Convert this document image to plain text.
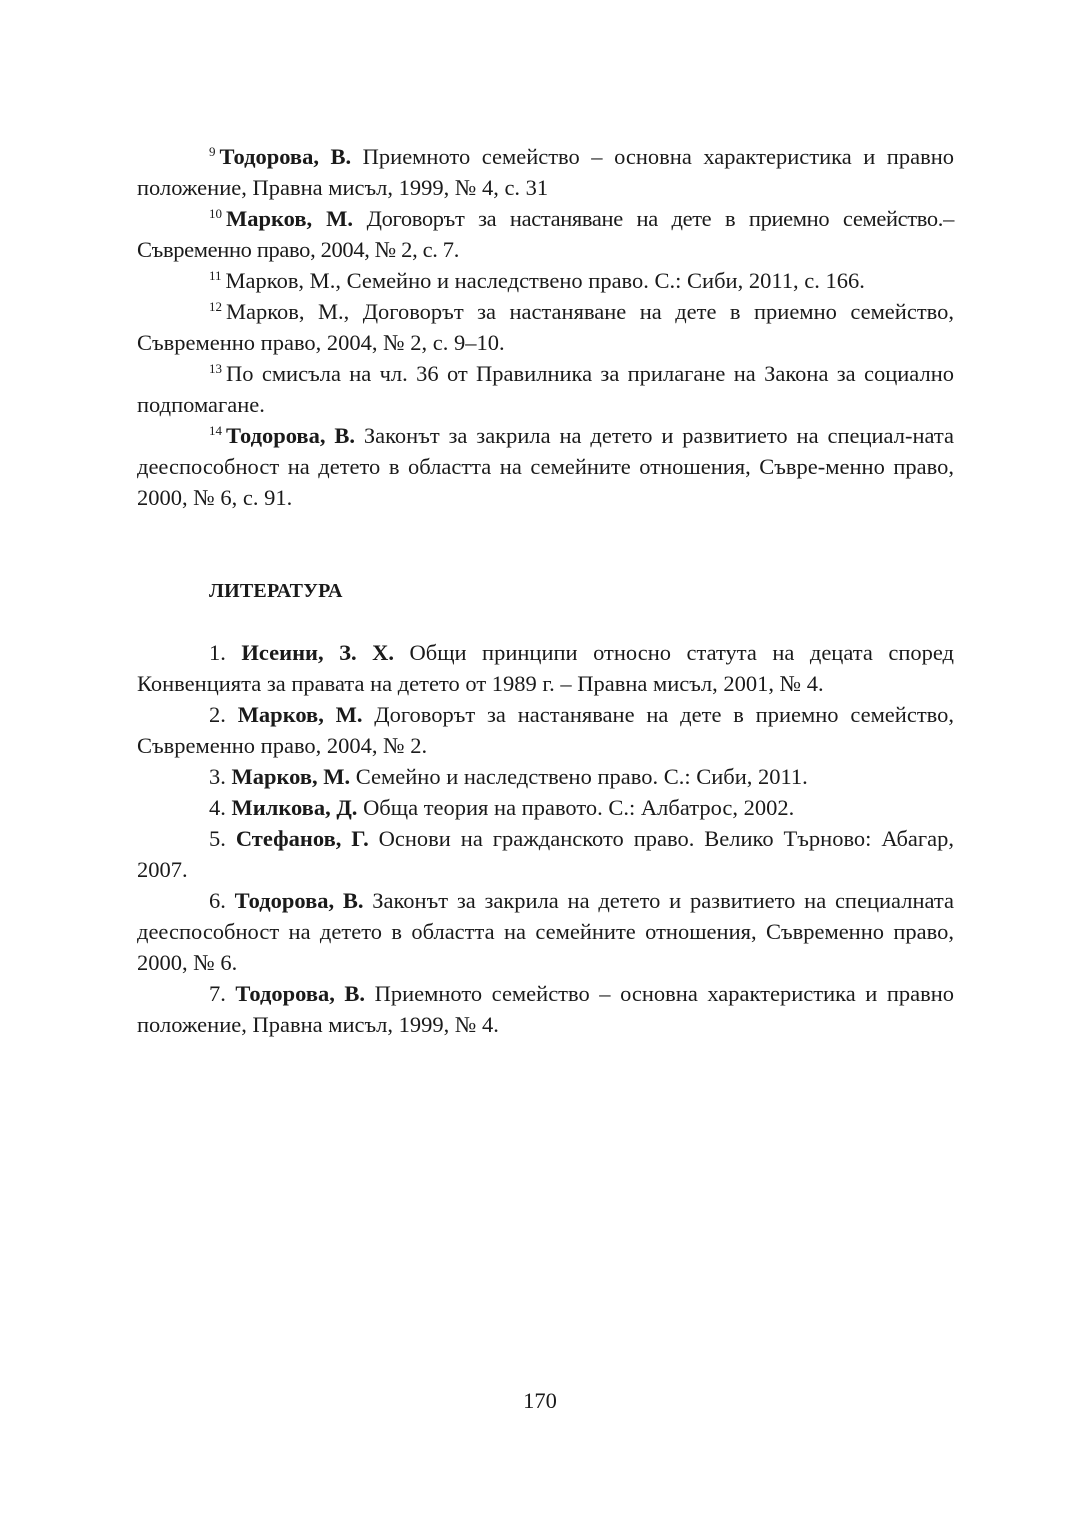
$^9$ Тодорова, В. Приемното семейство – основна характеристика и правно положение, Правна мисъл, 1999, № 4, с. 31

$^{10}$ Марков, М. Договорът за настаняване на дете в приемно семейство.– Съвременно право, 2004, № 2, с. 7.

$^{11}$ Марков, М., Семейно и наследствено право. С.: Сиби, 2011, с. 166.

$^{12}$ Марков, М., Договорът за настаняване на дете в приемно семейство, Съвременно право, 2004, № 2, с. 9–10.

$^{13}$ По смисъла на чл. 36 от Правилника за прилагане на Закона за социално подпомагане.

$^{14}$ Тодорова, В. Законът за закрила на детето и развитието на специал-ната дееспособност на детето в областта на семейните отношения, Съвре-менно право, 2000, № 6, с. 91.

ЛИТЕРАТУРА

1. Исеини, З. Х. Общи принципи относно статута на децата според Конвенцията за правата на детето от 1989 г. – Правна мисъл, 2001, № 4.

2. Марков, М. Договорът за настаняване на дете в приемно семейство, Съвременно право, 2004, № 2.

3. Марков, М. Семейно и наследствено право. С.: Сиби, 2011.

4. Милкова, Д. Обща теория на правото. С.: Албатрос, 2002.

5. Стефанов, Г. Основи на гражданското право. Велико Търново: Абагар, 2007.

6. Тодорова, В. Законът за закрила на детето и развитието на специалната дееспособност на детето в областта на семейните отношения, Съвременно право, 2000, № 6.

7. Тодорова, В. Приемното семейство – основна характеристика и правно положение, Правна мисъл, 1999, № 4.

170
